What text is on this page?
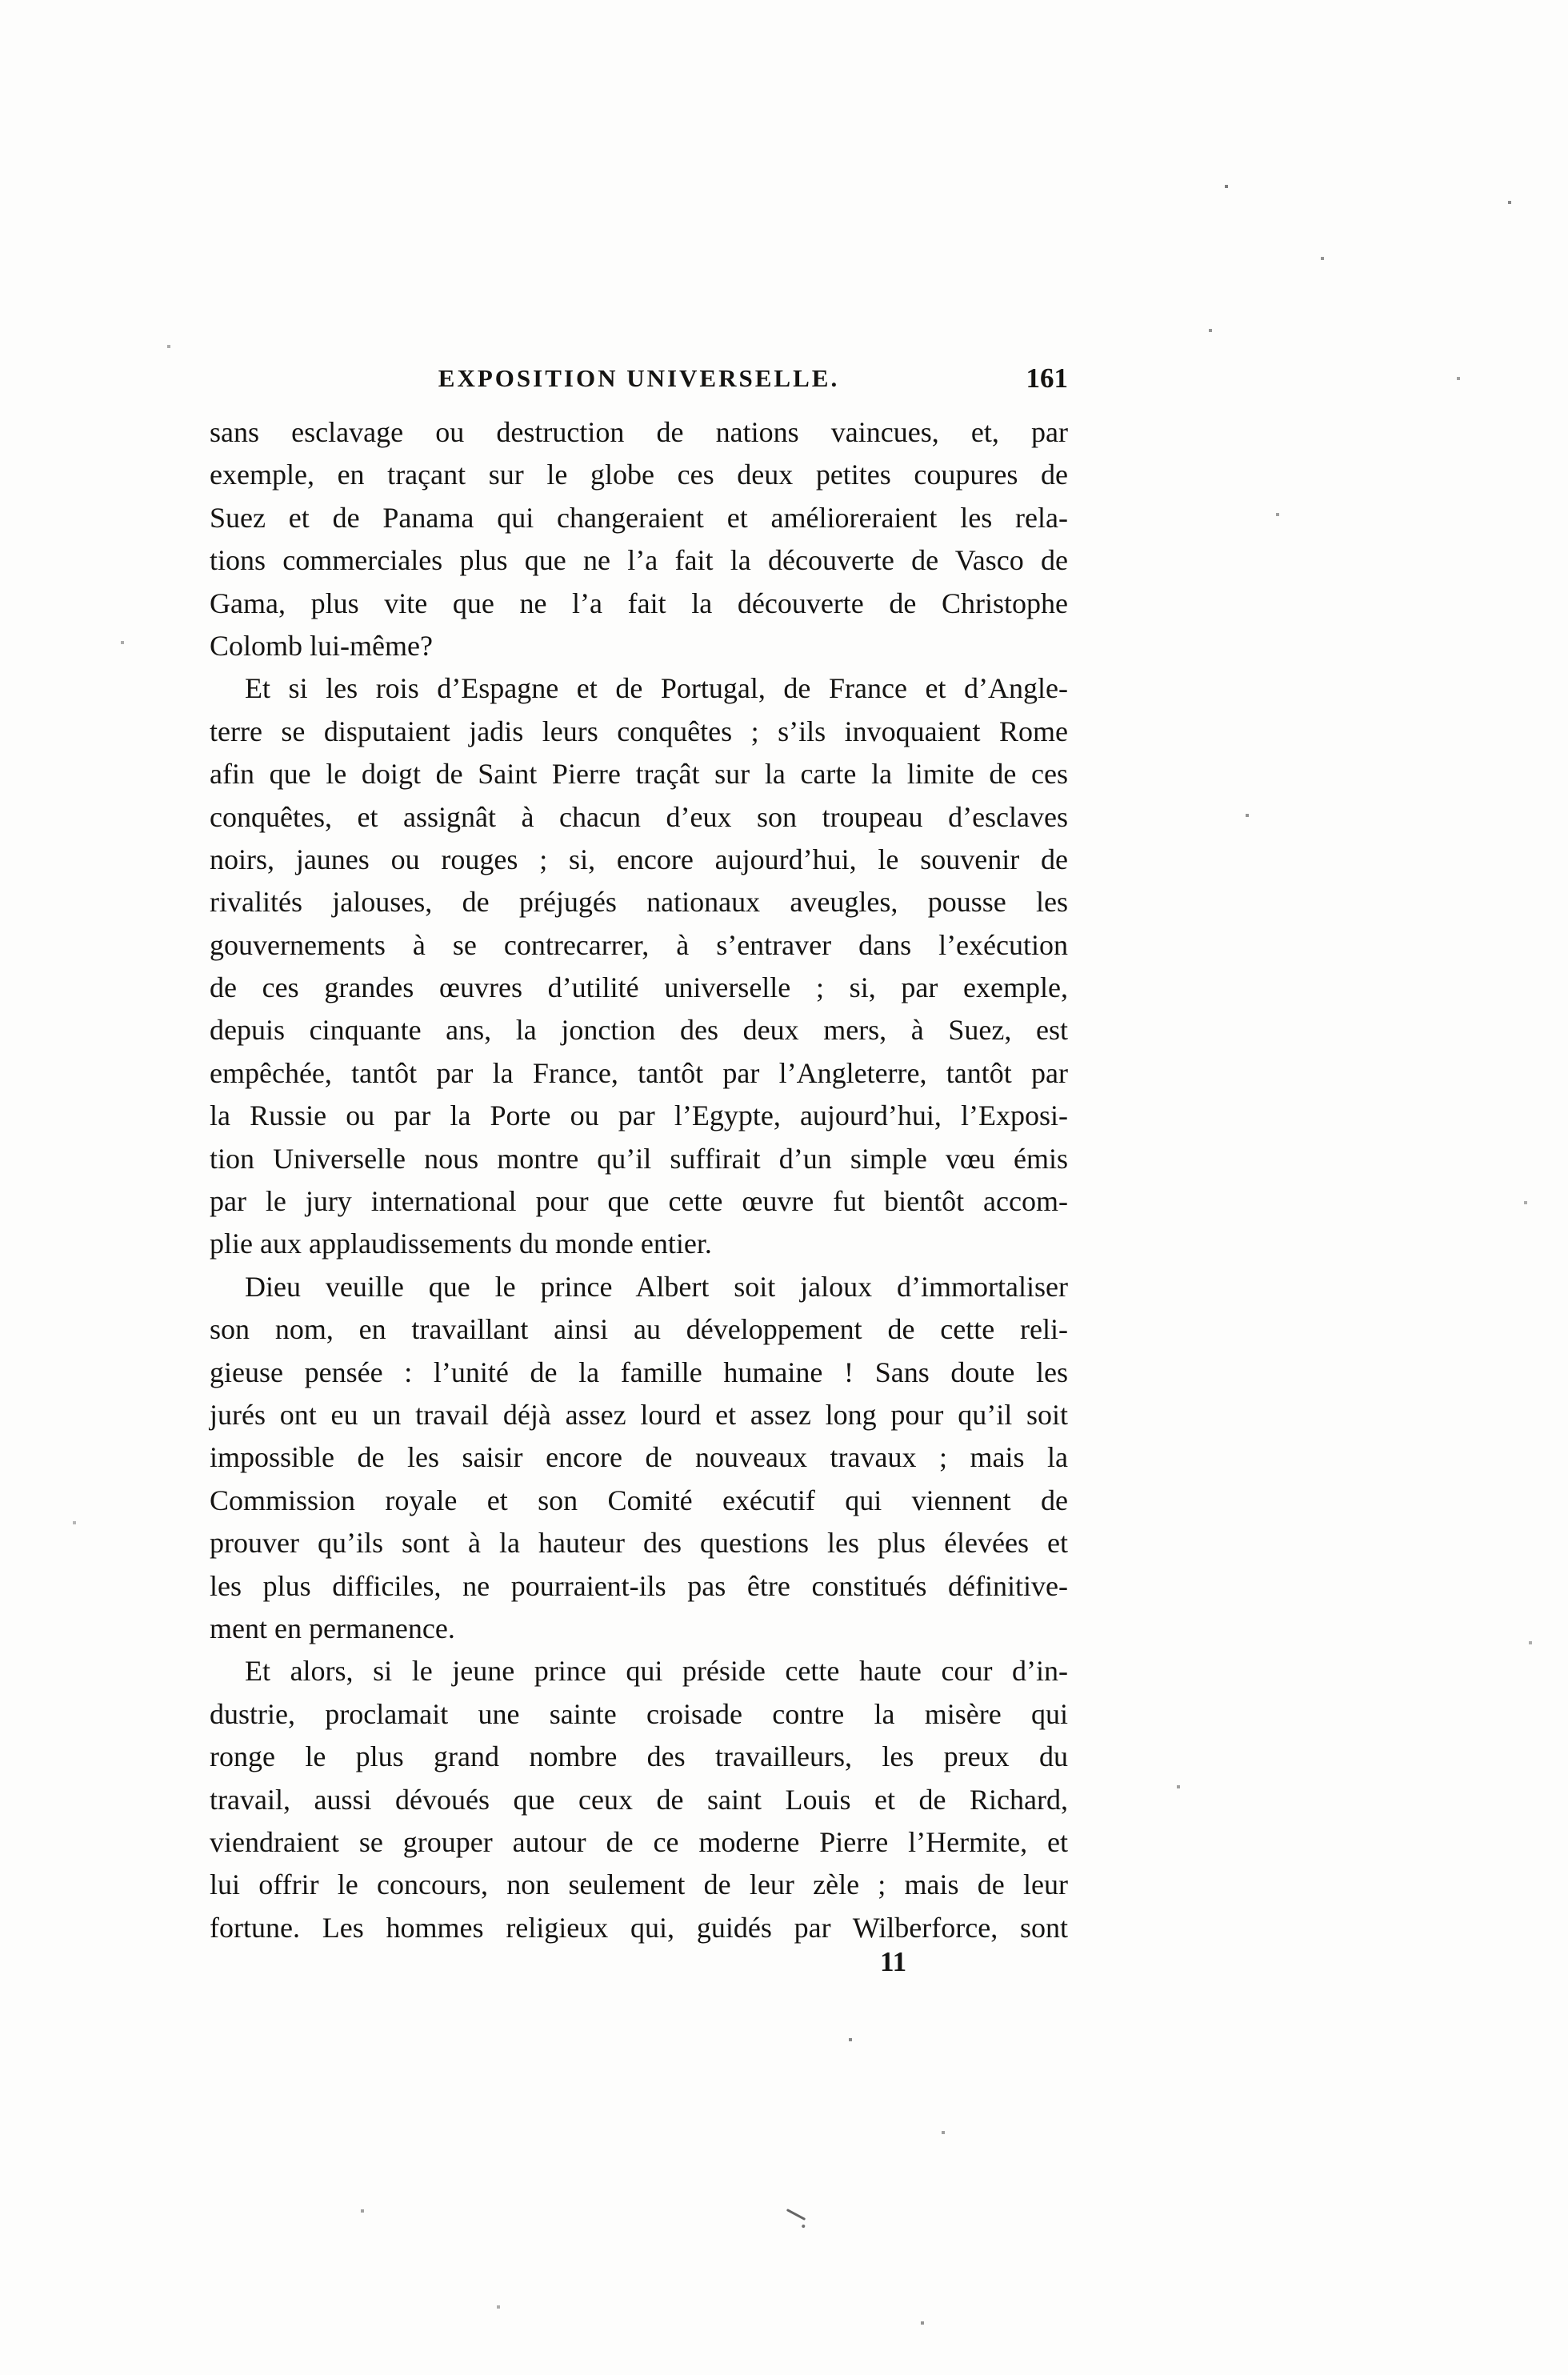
EXPOSITION UNIVERSELLE.	161
sans esclavage ou destruction de nations vaincues, et, par
exemple, en traçant sur le globe ces deux petites coupures de
Suez et de Panama qui changeraient et amélioreraient les rela-
tions commerciales plus que ne l’a fait la découverte de Vasco de
Gama, plus vite que ne l’a fait la découverte de Christophe
Colomb lui-même?
Et si les rois d’Espagne et de Portugal, de France et d’Angle-
terre se disputaient jadis leurs conquêtes ; s’ils invoquaient Rome
afin que le doigt de Saint Pierre traçât sur la carte la limite de ces
conquêtes, et assignât à chacun d’eux son troupeau d’esclaves
noirs, jaunes ou rouges ; si, encore aujourd’hui, le souvenir de
rivalités jalouses, de préjugés nationaux aveugles, pousse les
gouvernements à se contrecarrer, à s’entraver dans l’exécution
de ces grandes œuvres d’utilité universelle ; si, par exemple,
depuis cinquante ans, la jonction des deux mers, à Suez, est
empêchée, tantôt par la France, tantôt par l’Angleterre, tantôt par
la Russie ou par la Porte ou par l’Egypte, aujourd’hui, l’Exposi-
tion Universelle nous montre qu’il suffirait d’un simple vœu émis
par le jury international pour que cette œuvre fut bientôt accom-
plie aux applaudissements du monde entier.
Dieu veuille que le prince Albert soit jaloux d’immortaliser
son nom, en travaillant ainsi au développement de cette reli-
gieuse pensée : l’unité de la famille humaine ! Sans doute les
jurés ont eu un travail déjà assez lourd et assez long pour qu’il soit
impossible de les saisir encore de nouveaux travaux ; mais la
Commission royale et son Comité exécutif qui viennent de
prouver qu’ils sont à la hauteur des questions les plus élevées et
les plus difficiles, ne pourraient-ils pas être constitués définitive-
ment en permanence.
Et alors, si le jeune prince qui préside cette haute cour d’in-
dustrie, proclamait une sainte croisade contre la misère qui
ronge le plus grand nombre des travailleurs, les preux du
travail, aussi dévoués que ceux de saint Louis et de Richard,
viendraient se grouper autour de ce moderne Pierre l’Hermite, et
lui offrir le concours, non seulement de leur zèle ; mais de leur
fortune. Les hommes religieux qui, guidés par Wilberforce, sont
11
